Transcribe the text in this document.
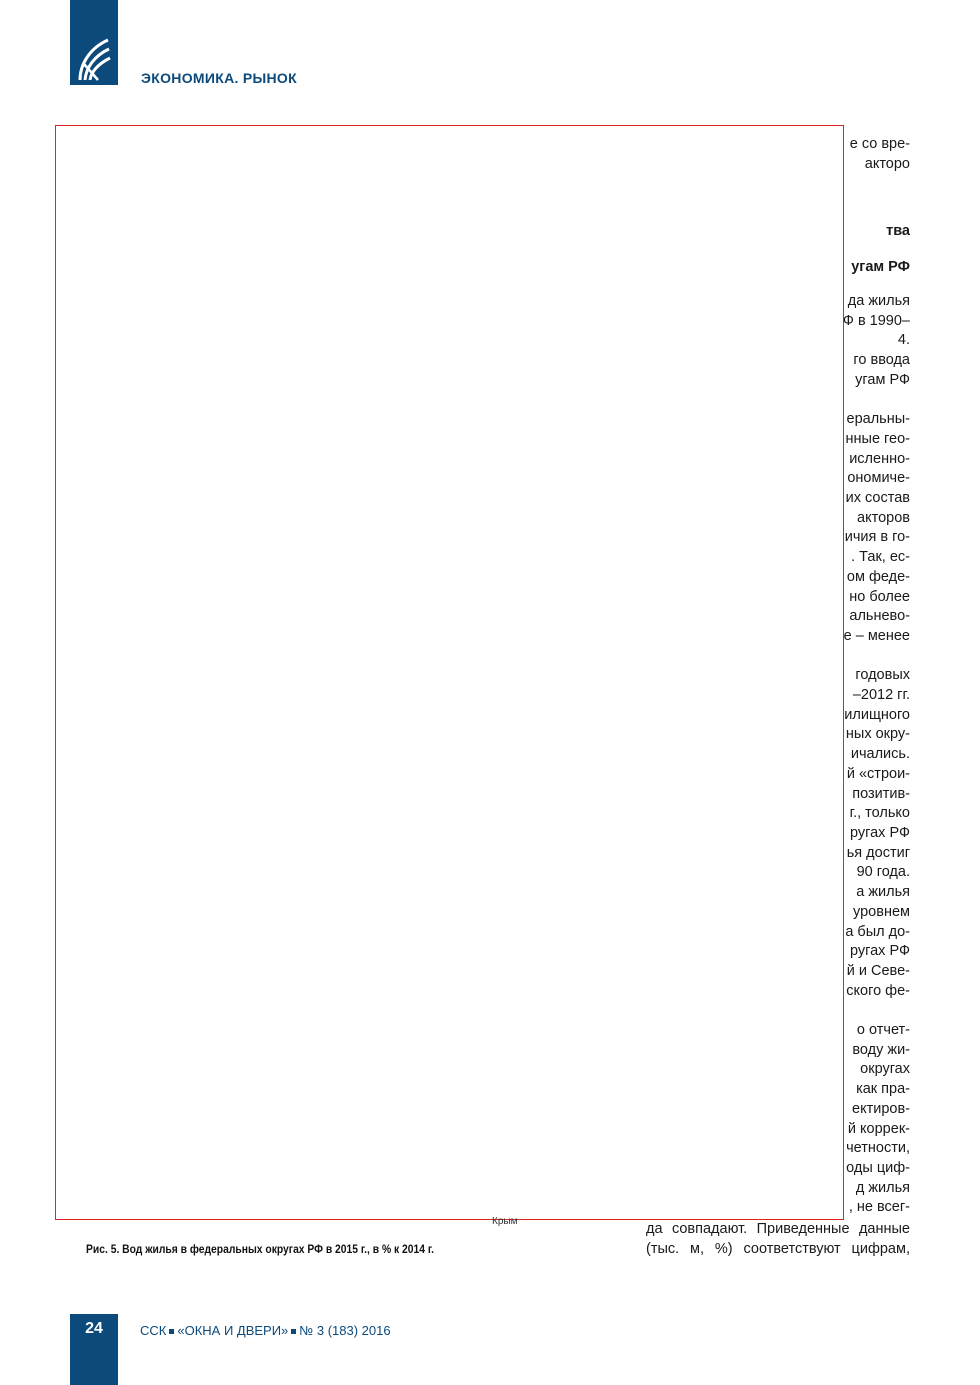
ЭКОНОМИКА. РЫНОК
Крым
Рис. 5. Вод жилья в федеральных округах РФ в 2015 г., в % к 2014 г.
е со вре-
акторо
тва
угам РФ
да жилья
Ф в 1990–
4.
го ввода
угам РФ

еральны-
нные гео-
исленно-
ономиче-
их состав
акторов
ичия в го-
. Так, ес-
ом феде-
но более
альнево-
е – менее

годовых
–2012 гг.
илищного
ных окру-
ичались.
й «строи-
позитив-
г., только
ругах РФ
ья достиг
90 года.
а жилья
уровнем
а был до-
ругах РФ
й и Севе-
ского фе-

о отчет-
воду жи-
округах
как пра-
ектиров-
й коррек-
четности,
оды циф-
д жилья
, не всег-
да совпадают. Приведенные данные
(тыс. м, %) соответствуют цифрам,
24	ССК «ОКНА И ДВЕРИ» № 3 (183) 2016
